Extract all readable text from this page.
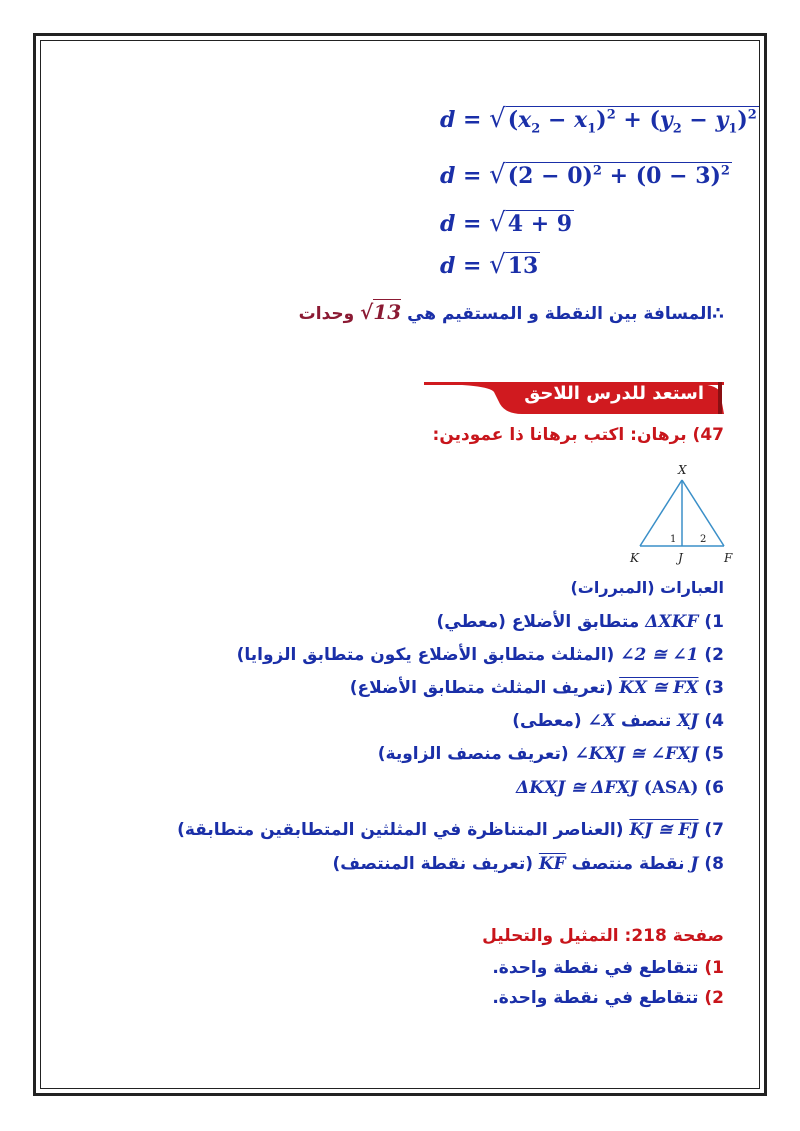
$d = √(x_2 - x_1)^2 + (y_2 - y_1)^2$
$d = √(2 - 0)^2 + (0 - 3)^2$
d = √4 + 9
d = √13
∴المسافة بين النقطة و المستقيم هي √13 وحدات
استعد للدرس اللاحق
47) برهان: اكتب برهانا ذا عمودين:
X
K	J	F
1 2
العبارات (المبررات)
1) ΔXKF متطابق الأضلاع (معطي)
2) ∠2 ≅ ∠1 (المثلث متطابق الأضلاع يكون متطابق الزوايا)
3) KX ≅ FX (تعريف المثلث متطابق الأضلاع)
4) XJ تنصف ∠X (معطى)
5) ∠KXJ ≅ ∠FXJ (تعريف منصف الزاوية)
6) ΔKXJ ≅ ΔFXJ (ASA)
7) KJ ≅ FJ (العناصر المتناظرة في المثلثين المتطابقين متطابقة)
8) J نقطة منتصف $\overline{KF}$ (تعريف نقطة المنتصف)
صفحة 218: التمثيل والتحليل
1) تتقاطع في نقطة واحدة.
2) تتقاطع في نقطة واحدة.
